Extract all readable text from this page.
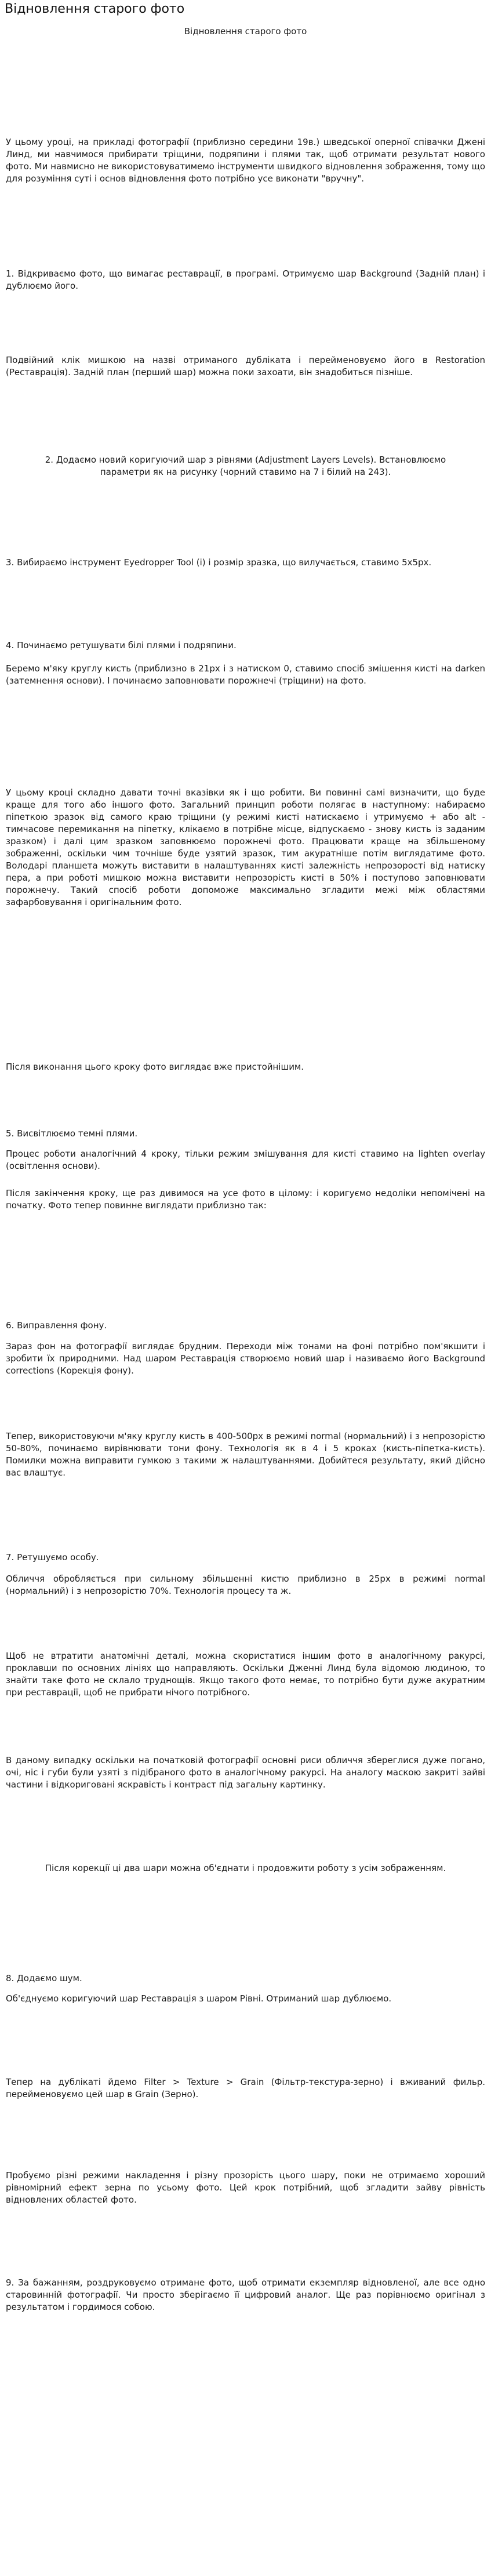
Відновлення старого фото
Відновлення старого фото

У цьому уроці, на прикладі фотографії (приблизно середини 19в.) шведської оперної співачки Джені Линд, ми навчимося прибирати тріщини, подряпини і плями так, щоб отримати результат нового фото. Ми навмисно не використовуватимемо інструменти швидкого відновлення зображення, тому що для розуміння суті і основ відновлення фото потрібно усе виконати "вручну".

1. Відкриваємо фото, що вимагає реставрації, в програмі. Отримуємо шар Background (Задній план) і дублюємо його.

Подвійний клік мишкою на назві отриманого дубліката і перейменовуємо його в Restoration (Реставрація). Задній план (перший шар) можна поки захоати, він знадобиться пізніше.

2. Додаємо новий коригуючий шар з рівнями (Adjustment Layers Levels). Встановлюємо параметри як на рисунку (чорний ставимо на 7 і білий на 243).

3. Вибираємо інструмент Eyedropper Tool (i) і розмір зразка, що вилучається, ставимо 5x5px.

4. Починаємо ретушувати білі плями і подряпини.

Беремо м'яку круглу кисть (приблизно в 21px і з натиском 0, ставимо спосіб змішення кисті на darken (затемнення основи). І починаємо заповнювати порожнечі (тріщини) на фото.

У цьому кроці складно давати точні вказівки як і що робити. Ви повинні самі визначити, що буде краще для того або іншого фото. Загальний принцип роботи полягає в наступному: набираємо піпеткою зразок від самого краю тріщини (у режимі кисті натискаємо і утримуємо + або alt - тимчасове перемикання на піпетку, клікаємо в потрібне місце, відпускаємо - знову кисть із заданим зразком) і далі цим зразком заповнюємо порожнечі фото. Працювати краще на збільшеному зображенні, оскільки чим точніше буде узятий зразок, тим акуратніше потім виглядатиме фото. Володарі планшета можуть виставити в налаштуваннях кисті залежність непрозорості від натиску пера, а при роботі мишкою можна виставити непрозорість кисті в 50% і поступово заповнювати порожнечу. Такий спосіб роботи допоможе максимально згладити межі між областями зафарбовування і оригінальним фото.

Після виконання цього кроку фото виглядає вже пристойнішим.

5. Висвітлюємо темні плями.

Процес роботи аналогічний 4 кроку, тільки режим змішування для кисті ставимо на lighten overlay (освітлення основи).

Після закінчення кроку, ще раз дивимося на усе фото в цілому: і коригуємо недоліки непомічені на початку. Фото тепер повинне виглядати приблизно так:

6. Виправлення фону.

Зараз фон на фотографії виглядає брудним. Переходи між тонами на фоні потрібно пом'якшити і зробити їх природними. Над шаром Реставрація створюємо новий шар і називаємо його Background corrections (Корекція фону).

Тепер, використовуючи м'яку круглу кисть в 400-500px в режимі normal (нормальний) і з непрозорістю 50-80%, починаємо вирівнювати тони фону. Технологія як в 4 і 5 кроках (кисть-піпетка-кисть). Помилки можна виправити гумкою з такими ж налаштуваннями. Добийтеся результату, який дійсно вас влаштує.

7. Ретушуємо особу.

Обличчя обробляється при сильному збільшенні кистю приблизно в 25px в режимі normal (нормальний) і з непрозорістю 70%. Технологія процесу та ж.

Щоб не втратити анатомічні деталі, можна скористатися іншим фото в аналогічному ракурсі, проклавши по основних лініях що направляють. Оскільки Дженні Линд була відомою людиною, то знайти таке фото не склало труднощів. Якщо такого фото немає, то потрібно бути дуже акуратним при реставрації, щоб не прибрати нічого потрібного.

В даному випадку оскільки на початковій фотографії основні риси обличчя збереглися дуже погано, очі, ніс і губи були узяті з підібраного фото в аналогічному ракурсі. На аналогу маскою закриті зайві частини і відкориговані яскравість і контраст під загальну картинку.

Після корекції ці два шари можна об'єднати і продовжити роботу з усім зображенням.

8. Додаємо шум.

Об'єднуємо коригуючий шар Реставрація з шаром Рівні. Отриманий шар дублюємо.

Тепер на дублікаті йдемо Filter > Texture > Grain (Фільтр-текстура-зерно) і вживаний фильр. перейменовуємо цей шар в Grain (Зерно).

Пробуємо різні режими накладення і різну прозорість цього шару, поки не отримаємо хороший рівномірний ефект зерна по усьому фото. Цей крок потрібний, щоб згладити зайву рівність відновлених областей фото.

9. За бажанням, роздруковуємо отримане фото, щоб отримати екземпляр відновленої, але все одно старовинній фотографії. Чи просто зберігаємо її цифровий аналог. Ще раз порівнюємо оригінал з результатом і гордимося собою.
